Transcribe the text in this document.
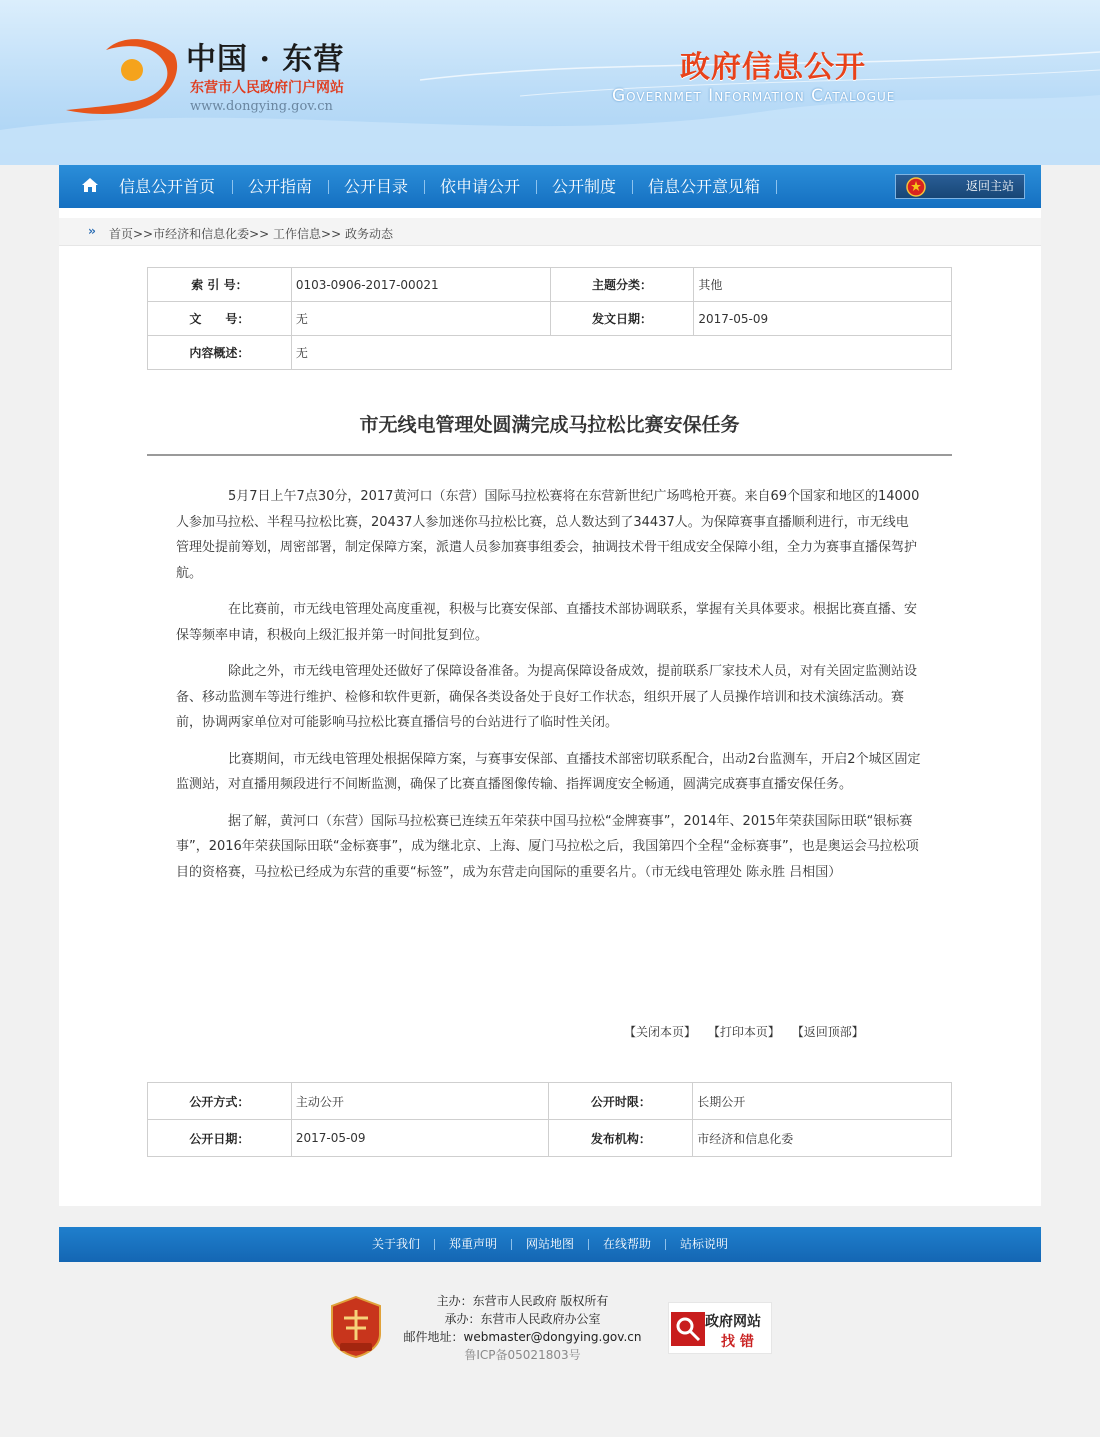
中国 · 东营
东营市人民政府门户网站
www.dongying.gov.cn
政府信息公开
Governmet Information Catalogue
信息公开首页 公开指南 公开目录 依申请公开 公开制度 信息公开意见箱	返回主站
›› 首页>>市经济和信息化委>> 工作信息>> 政务动态
索 引 号：	0103-0906-2017-00021	主题分类：	其他
文　　号：	无	发文日期：	2017-05-09
内容概述：	无		
市无线电管理处圆满完成马拉松比赛安保任务

5月7日上午7点30分，2017黄河口（东营）国际马拉松赛将在东营新世纪广场鸣枪开赛。来自69个国家和地区的14000人参加马拉松、半程马拉松比赛，20437人参加迷你马拉松比赛，总人数达到了34437人。为保障赛事直播顺利进行，市无线电管理处提前筹划，周密部署，制定保障方案，派遣人员参加赛事组委会，抽调技术骨干组成安全保障小组，全力为赛事直播保驾护航。

在比赛前，市无线电管理处高度重视，积极与比赛安保部、直播技术部协调联系，掌握有关具体要求。根据比赛直播、安保等频率申请，积极向上级汇报并第一时间批复到位。

除此之外，市无线电管理处还做好了保障设备准备。为提高保障设备成效，提前联系厂家技术人员，对有关固定监测站设备、移动监测车等进行维护、检修和软件更新，确保各类设备处于良好工作状态，组织开展了人员操作培训和技术演练活动。赛前，协调两家单位对可能影响马拉松比赛直播信号的台站进行了临时性关闭。

比赛期间，市无线电管理处根据保障方案，与赛事安保部、直播技术部密切联系配合，出动2台监测车，开启2个城区固定监测站，对直播用频段进行不间断监测，确保了比赛直播图像传输、指挥调度安全畅通，圆满完成赛事直播安保任务。

据了解，黄河口（东营）国际马拉松赛已连续五年荣获中国马拉松“金牌赛事”，2014年、2015年荣获国际田联“银标赛事”，2016年荣获国际田联“金标赛事”，成为继北京、上海、厦门马拉松之后，我国第四个全程“金标赛事”，也是奥运会马拉松项目的资格赛，马拉松已经成为东营的重要“标签”，成为东营走向国际的重要名片。（市无线电管理处 陈永胜 吕相国）

【关闭本页】 【打印本页】 【返回顶部】
公开方式：	主动公开	公开时限：	长期公开
公开日期：	2017-05-09	发布机构：	市经济和信息化委
关于我们 郑重声明 网站地图 在线帮助 站标说明
主办：东营市人民政府 版权所有
承办：东营市人民政府办公室
邮件地址：webmaster@dongying.gov.cn
鲁ICP备05021803号
政府网站
找 错
